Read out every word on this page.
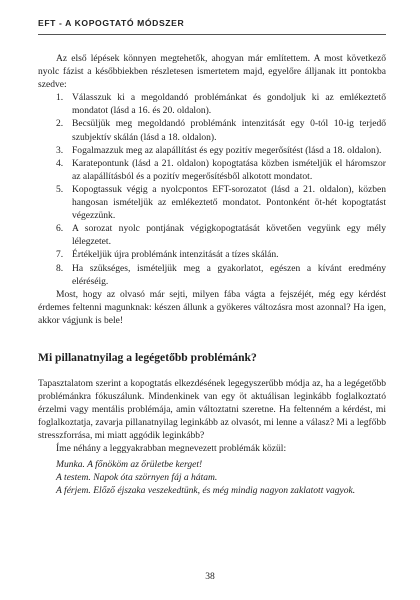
EFT - A KOPOGTATÓ MÓDSZER

Az első lépések könnyen megtehetők, ahogyan már említettem. A most következő nyolc fázist a későbbiekben részletesen ismertetem majd, egyelőre álljanak itt pontokba szedve:

1. Válasszuk ki a megoldandó problémánkat és gondoljuk ki az emlékeztető mondatot (lásd a 16. és 20. oldalon).
2. Becsüljük meg megoldandó problémánk intenzitását egy 0-tól 10-ig terjedő szubjektív skálán (lásd a 18. oldalon).
3. Fogalmazzuk meg az alapállítást és egy pozitív megerősítést (lásd a 18. oldalon).
4. Karatepontunk (lásd a 21. oldalon) kopogtatása közben ismételjük el háromszor az alapállításból és a pozitív megerősítésből alkotott mondatot.
5. Kopogtassuk végig a nyolcpontos EFT-sorozatot (lásd a 21. oldalon), közben hangosan ismételjük az emlékeztető mondatot. Pontonként öt-hét kopogtatást végezzünk.
6. A sorozat nyolc pontjának végigkopogtatását követően vegyünk egy mély lélegzetet.
7. Értékeljük újra problémánk intenzitását a tízes skálán.
8. Ha szükséges, ismételjük meg a gyakorlatot, egészen a kívánt eredmény eléréséig.

Most, hogy az olvasó már sejti, milyen fába vágta a fejszéjét, még egy kérdést érdemes feltenni magunknak: készen állunk a gyökeres változásra most azonnal? Ha igen, akkor vágjunk is bele!

Mi pillanatnyilag a legégetőbb problémánk?

Tapasztalatom szerint a kopogtatás elkezdésének legegyszerűbb módja az, ha a legégetőbb problémánkra fókuszálunk. Mindenkinek van egy öt aktuálisan leginkább foglalkoztató érzelmi vagy mentális problémája, amin változtatni szeretne. Ha feltenném a kérdést, mi foglalkoztatja, zavarja pillanatnyilag leginkább az olvasót, mi lenne a válasz? Mi a legfőbb stresszforrása, mi miatt aggódik leginkább?

Íme néhány a leggyakrabban megnevezett problémák közül:

Munka. A főnököm az őrületbe kerget!

A testem. Napok óta szörnyen fáj a hátam.

A férjem. Előző éjszaka veszekedtünk, és még mindig nagyon zaklatott vagyok.

38
